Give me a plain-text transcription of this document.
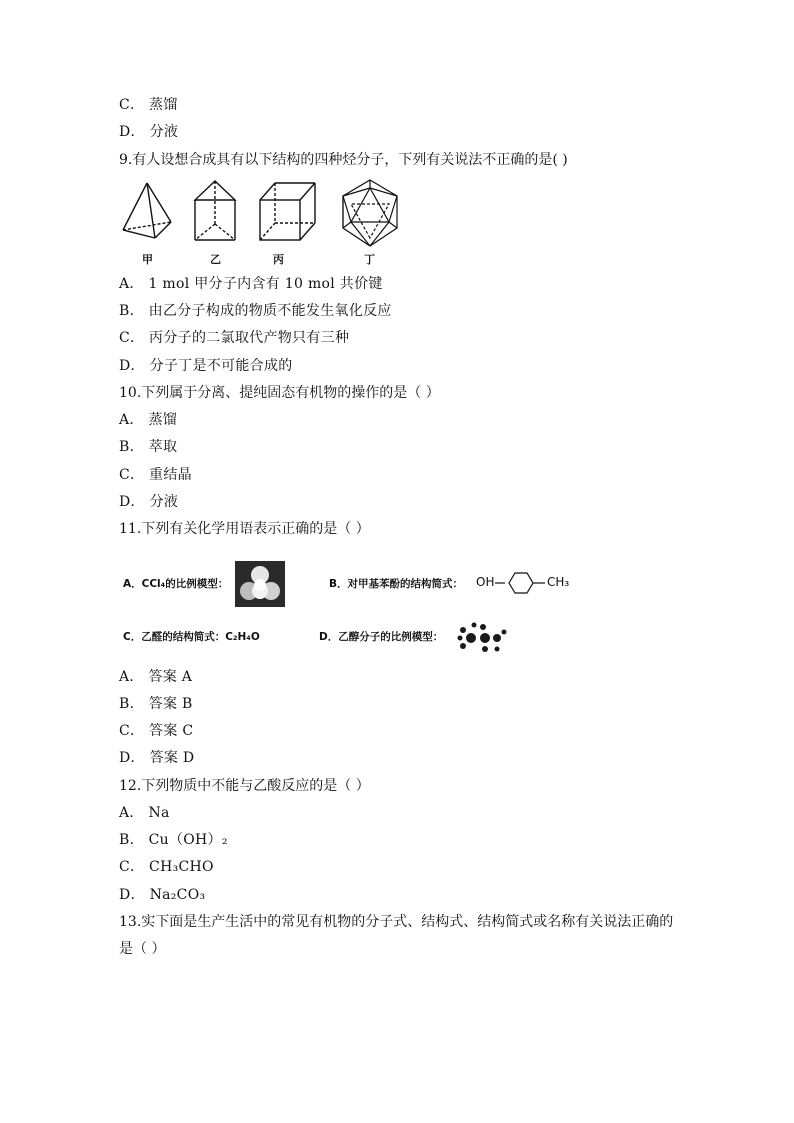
C． 蒸馏
D． 分液
9.有人设想合成具有以下结构的四种烃分子，下列有关说法不正确的是( )
甲	乙	丙	丁
A． 1 mol 甲分子内含有 10 mol 共价键
B． 由乙分子构成的物质不能发生氧化反应
C． 丙分子的二氯取代产物只有三种
D． 分子丁是不可能合成的
10.下列属于分离、提纯固态有机物的操作的是（ ）
A． 蒸馏
B． 萃取
C． 重结晶
D． 分液
11.下列有关化学用语表示正确的是（ ）
A．CCl₄的比例模型：	B．对甲基苯酚的结构简式： OH	CH₃
C．乙醛的结构简式：C₂H₄O	D．乙醇分子的比例模型：
A． 答案 A
B． 答案 B
C． 答案 C
D． 答案 D
12.下列物质中不能与乙酸反应的是（ ）
A． Na
B． Cu（OH）₂
C． CH₃CHO
D． Na₂CO₃
13.实下面是生产生活中的常见有机物的分子式、结构式、结构简式或名称有关说法正确的
是（ ）
